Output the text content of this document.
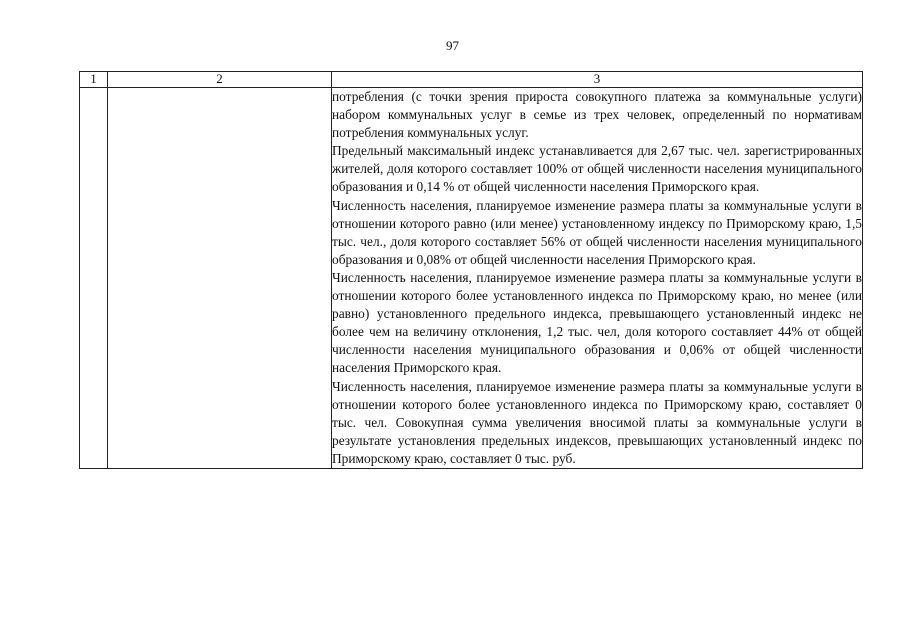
97
1	2	3

		потребления (с точки зрения прироста совокупного платежа за коммунальные услуги) набором коммунальных услуг в семье из трех человек, определенный по нормативам потребления коммунальных услуг.

Предельный максимальный индекс устанавливается для 2,67 тыс. чел. зарегистрированных жителей, доля которого составляет 100% от общей численности населения муниципального образования и 0,14 % от общей численности населения Приморского края.

Численность населения, планируемое изменение размера платы за коммунальные услуги в отношении которого равно (или менее) установленному индексу по Приморскому краю, 1,5 тыс. чел., доля которого составляет 56% от общей численности населения муниципального образования и 0,08% от общей численности населения Приморского края.

Численность населения, планируемое изменение размера платы за коммунальные услуги в отношении которого более установленного индекса по Приморскому краю, но менее (или равно) установленного предельного индекса, превышающего установленный индекс не более чем на величину отклонения, 1,2 тыс. чел, доля которого составляет 44% от общей численности населения муниципального образования и 0,06% от общей численности населения Приморского края.

Численность населения, планируемое изменение размера платы за коммунальные услуги в отношении которого более установленного индекса по Приморскому краю, составляет 0 тыс. чел. Совокупная сумма увеличения вносимой платы за коммунальные услуги в результате установления предельных индексов, превышающих установленный индекс по Приморскому краю, составляет 0 тыс. руб.
